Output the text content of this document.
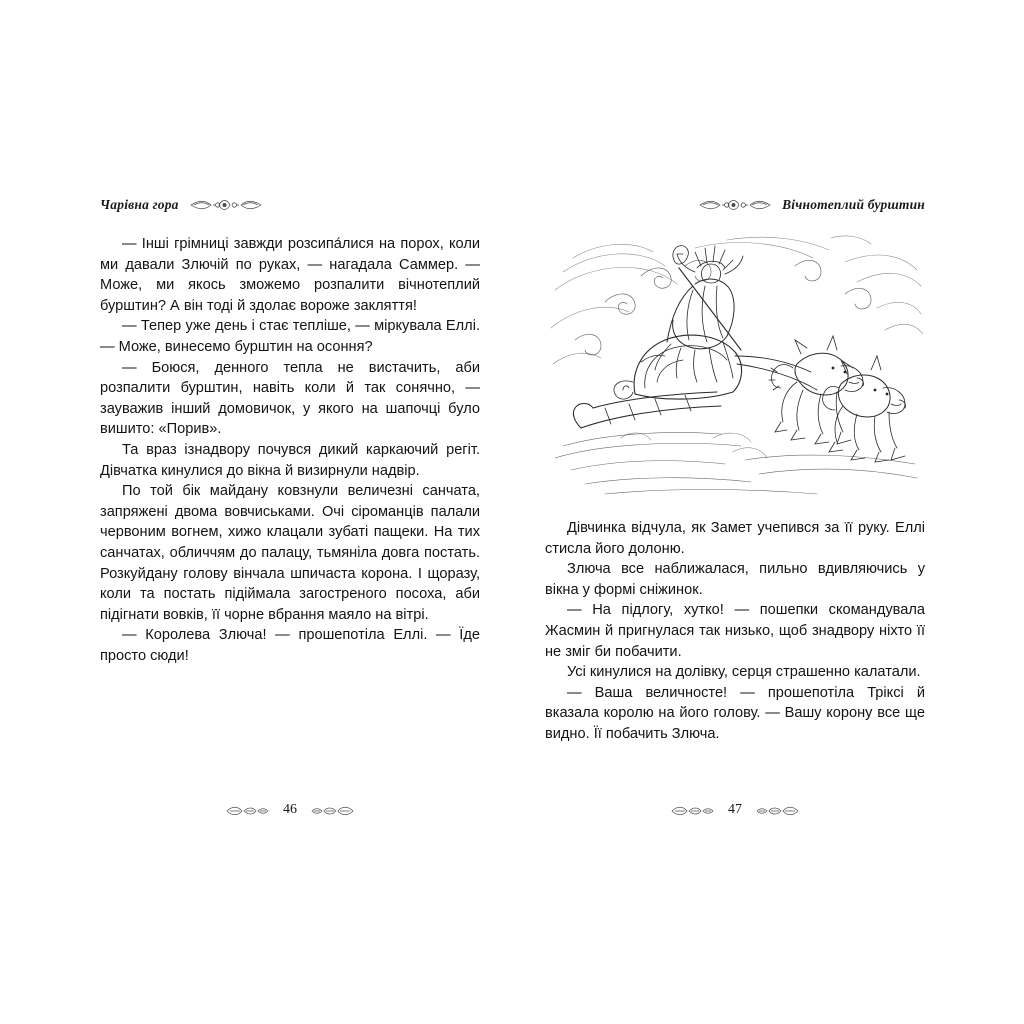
Чарівна гора

— Інші грімниці завжди розсипа́лися на порох, коли ми давали Злючій по руках, — нагадала Саммер. — Може, ми якось зможемо розпалити вічнотеплий бурштин? А він тоді й здолає вороже закляття!

— Тепер уже день і стає тепліше, — міркувала Еллі. — Може, винесемо бурштин на осоння?

— Боюся, денного тепла не вистачить, аби розпалити бурштин, навіть коли й так сонячно, — зауважив інший домовичок, у якого на шапочці було вишито: «Порив».

Та враз ізнадвору почувся дикий каркаючий регіт. Дівчатка кинулися до вікна й визирнули надвір.

По той бік майдану ковзнули величезні санчата, запряжені двома вовчиськами. Очі сіроманців палали червоним вогнем, хижо клацали зубаті пащеки. На тих санчатах, обличчям до палацу, тьмяніла довга постать. Розкуйдану голову вінчала шпичаста корона. І щоразу, коли та постать підіймала загостреного посоха, аби підігнати вовків, її чорне вбрання маяло на вітрі.

— Королева Злюча! — прошепотіла Еллі. — Їде просто сюди!

46
Вічнотеплий бурштин

Дівчинка відчула, як Замет учепився за її руку. Еллі стисла його долоню.

Злюча все наближалася, пильно вдивляючись у вікна у формі сніжинок.

— На підлогу, хутко! — пошепки скомандувала Жасмин й пригнулася так низько, щоб знадвору ніхто її не зміг би побачити.

Усі кинулися на долівку, серця страшенно калатали.

— Ваша величносте! — прошепотіла Тріксі й вказала королю на його голову. — Вашу корону все ще видно. Її побачить Злюча.

47
